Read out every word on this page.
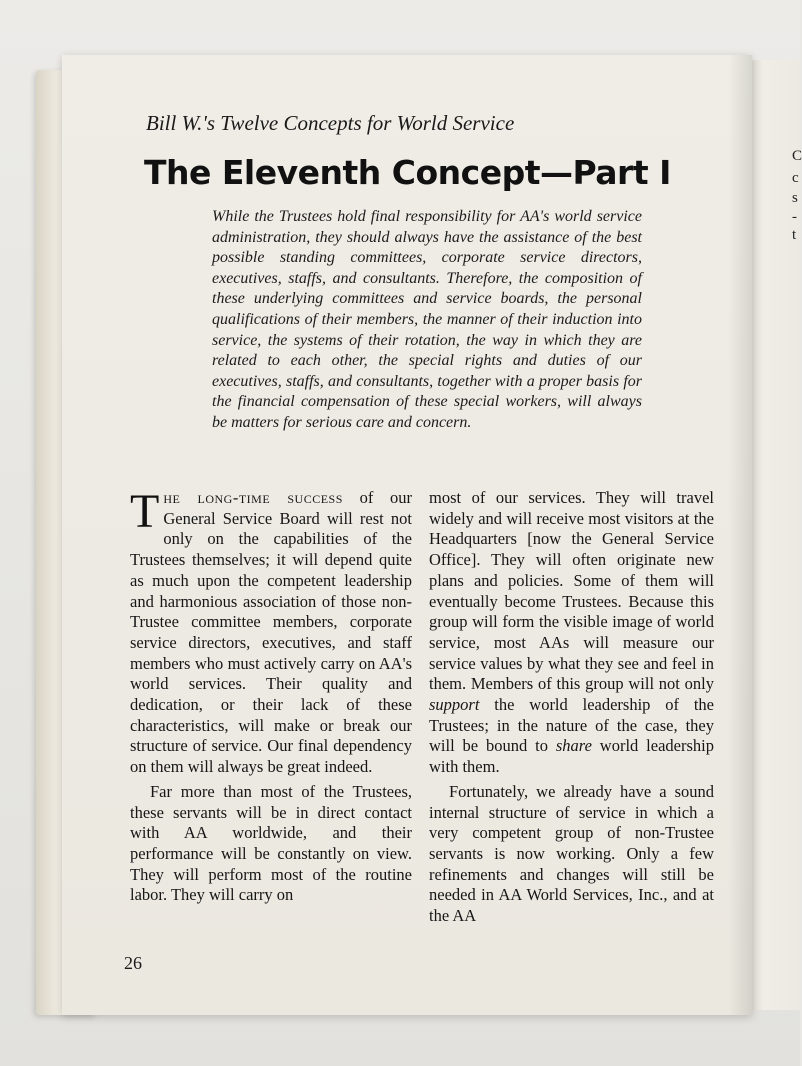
C
c
s
-
t
Bill W.'s Twelve Concepts for World Service
The Eleventh Concept—Part I

While the Trustees hold final responsibility for AA's world service administration, they should always have the assistance of the best possible standing committees, corporate service directors, executives, staffs, and consultants. Therefore, the composition of these underlying committees and service boards, the personal qualifications of their members, the manner of their induction into service, the systems of their rotation, the way in which they are related to each other, the special rights and duties of our executives, staffs, and consultants, together with a proper basis for the financial compensation of these special workers, will always be matters for serious care and concern.

The long-time success of our General Service Board will rest not only on the capabilities of the Trustees themselves; it will depend quite as much upon the competent leadership and harmonious association of those non-Trustee committee members, corporate service directors, executives, and staff members who must actively carry on AA's world services. Their quality and dedication, or their lack of these characteristics, will make or break our structure of service. Our final dependency on them will always be great indeed.

Far more than most of the Trustees, these servants will be in direct contact with AA worldwide, and their performance will be constantly on view. They will perform most of the routine labor. They will carry on

most of our services. They will travel widely and will receive most visitors at the Headquarters [now the General Service Office]. They will often originate new plans and policies. Some of them will eventually become Trustees. Because this group will form the visible image of world service, most AAs will measure our service values by what they see and feel in them. Members of this group will not only support the world leadership of the Trustees; in the nature of the case, they will be bound to share world leadership with them.

Fortunately, we already have a sound internal structure of service in which a very competent group of non-Trustee servants is now working. Only a few refinements and changes will still be needed in AA World Services, Inc., and at the AA

26
